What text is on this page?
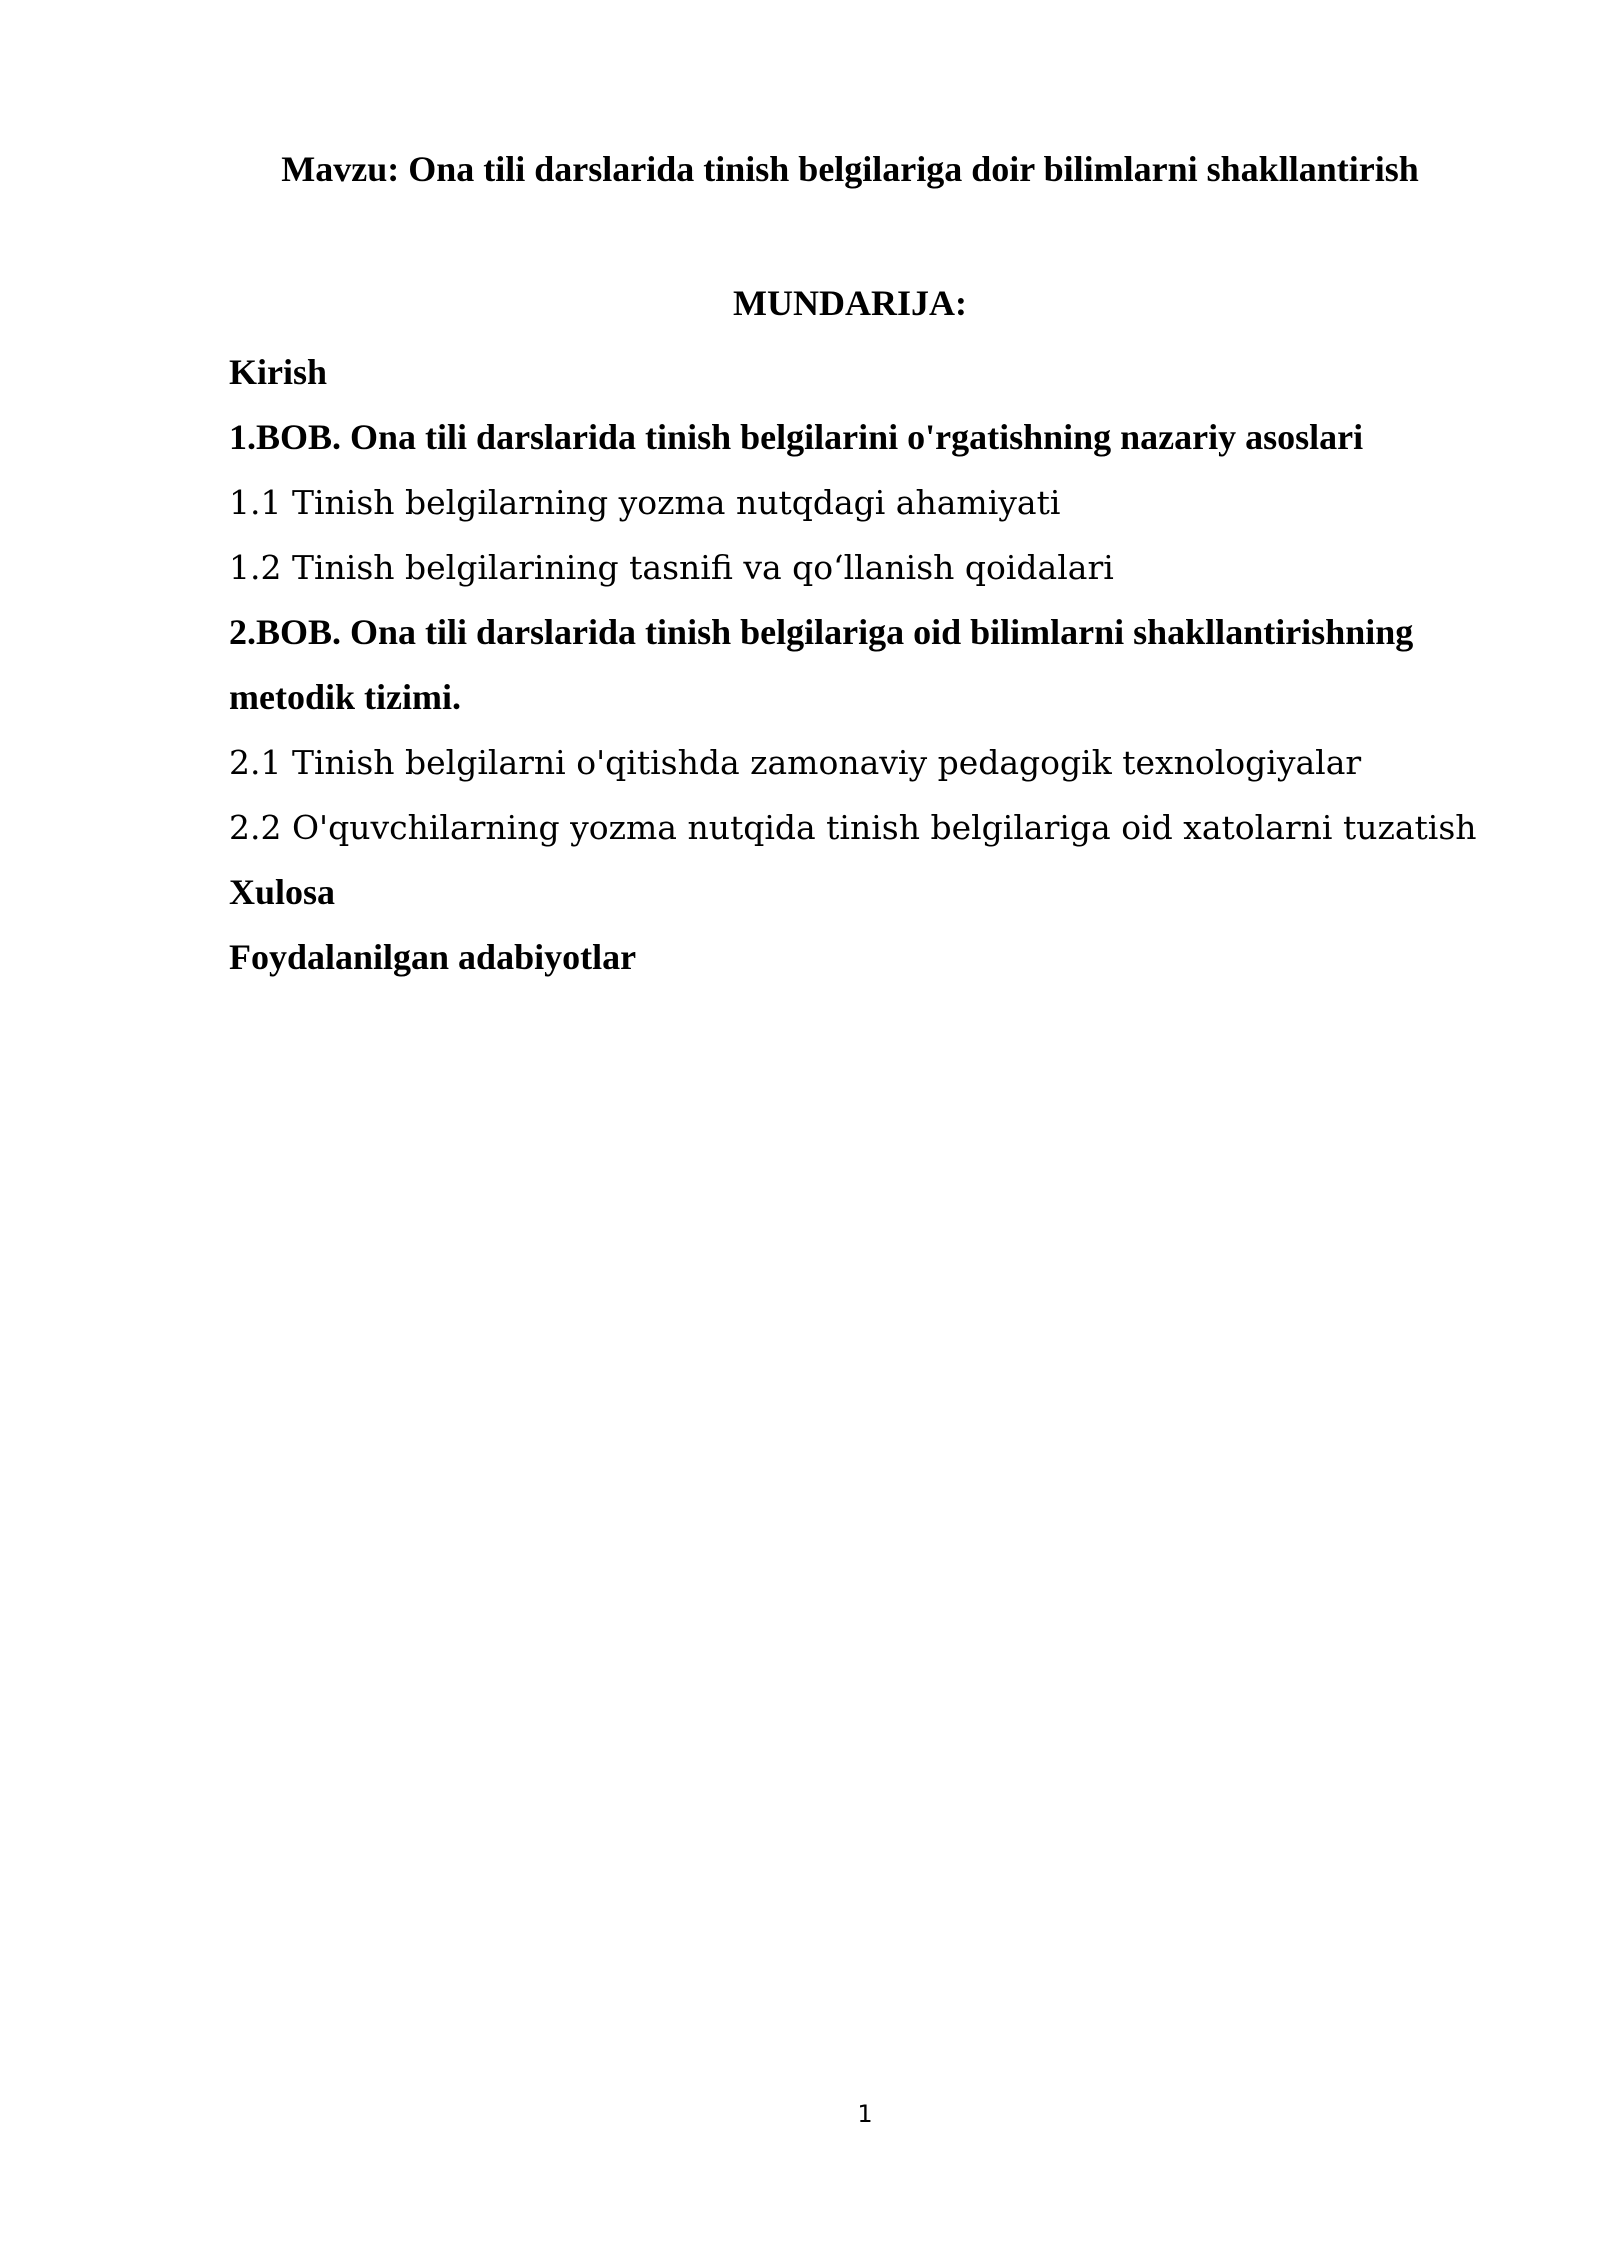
Mavzu: Ona tili darslarida tinish belgilariga doir bilimlarni shakllantirish
MUNDARIJA:
Kirish
1.BOB. Ona tili darslarida tinish belgilarini o'rgatishning nazariy asoslari
1.1 Tinish belgilarning yozma nutqdagi ahamiyati
1.2 Tinish belgilarining tasnifi va qo‘llanish qoidalari
2.BOB. Ona tili darslarida tinish belgilariga oid bilimlarni shakllantirishning
metodik tizimi.
2.1 Tinish belgilarni o'qitishda zamonaviy pedagogik texnologiyalar
2.2 O'quvchilarning yozma nutqida tinish belgilariga oid xatolarni tuzatish
Xulosa
Foydalanilgan adabiyotlar
1
